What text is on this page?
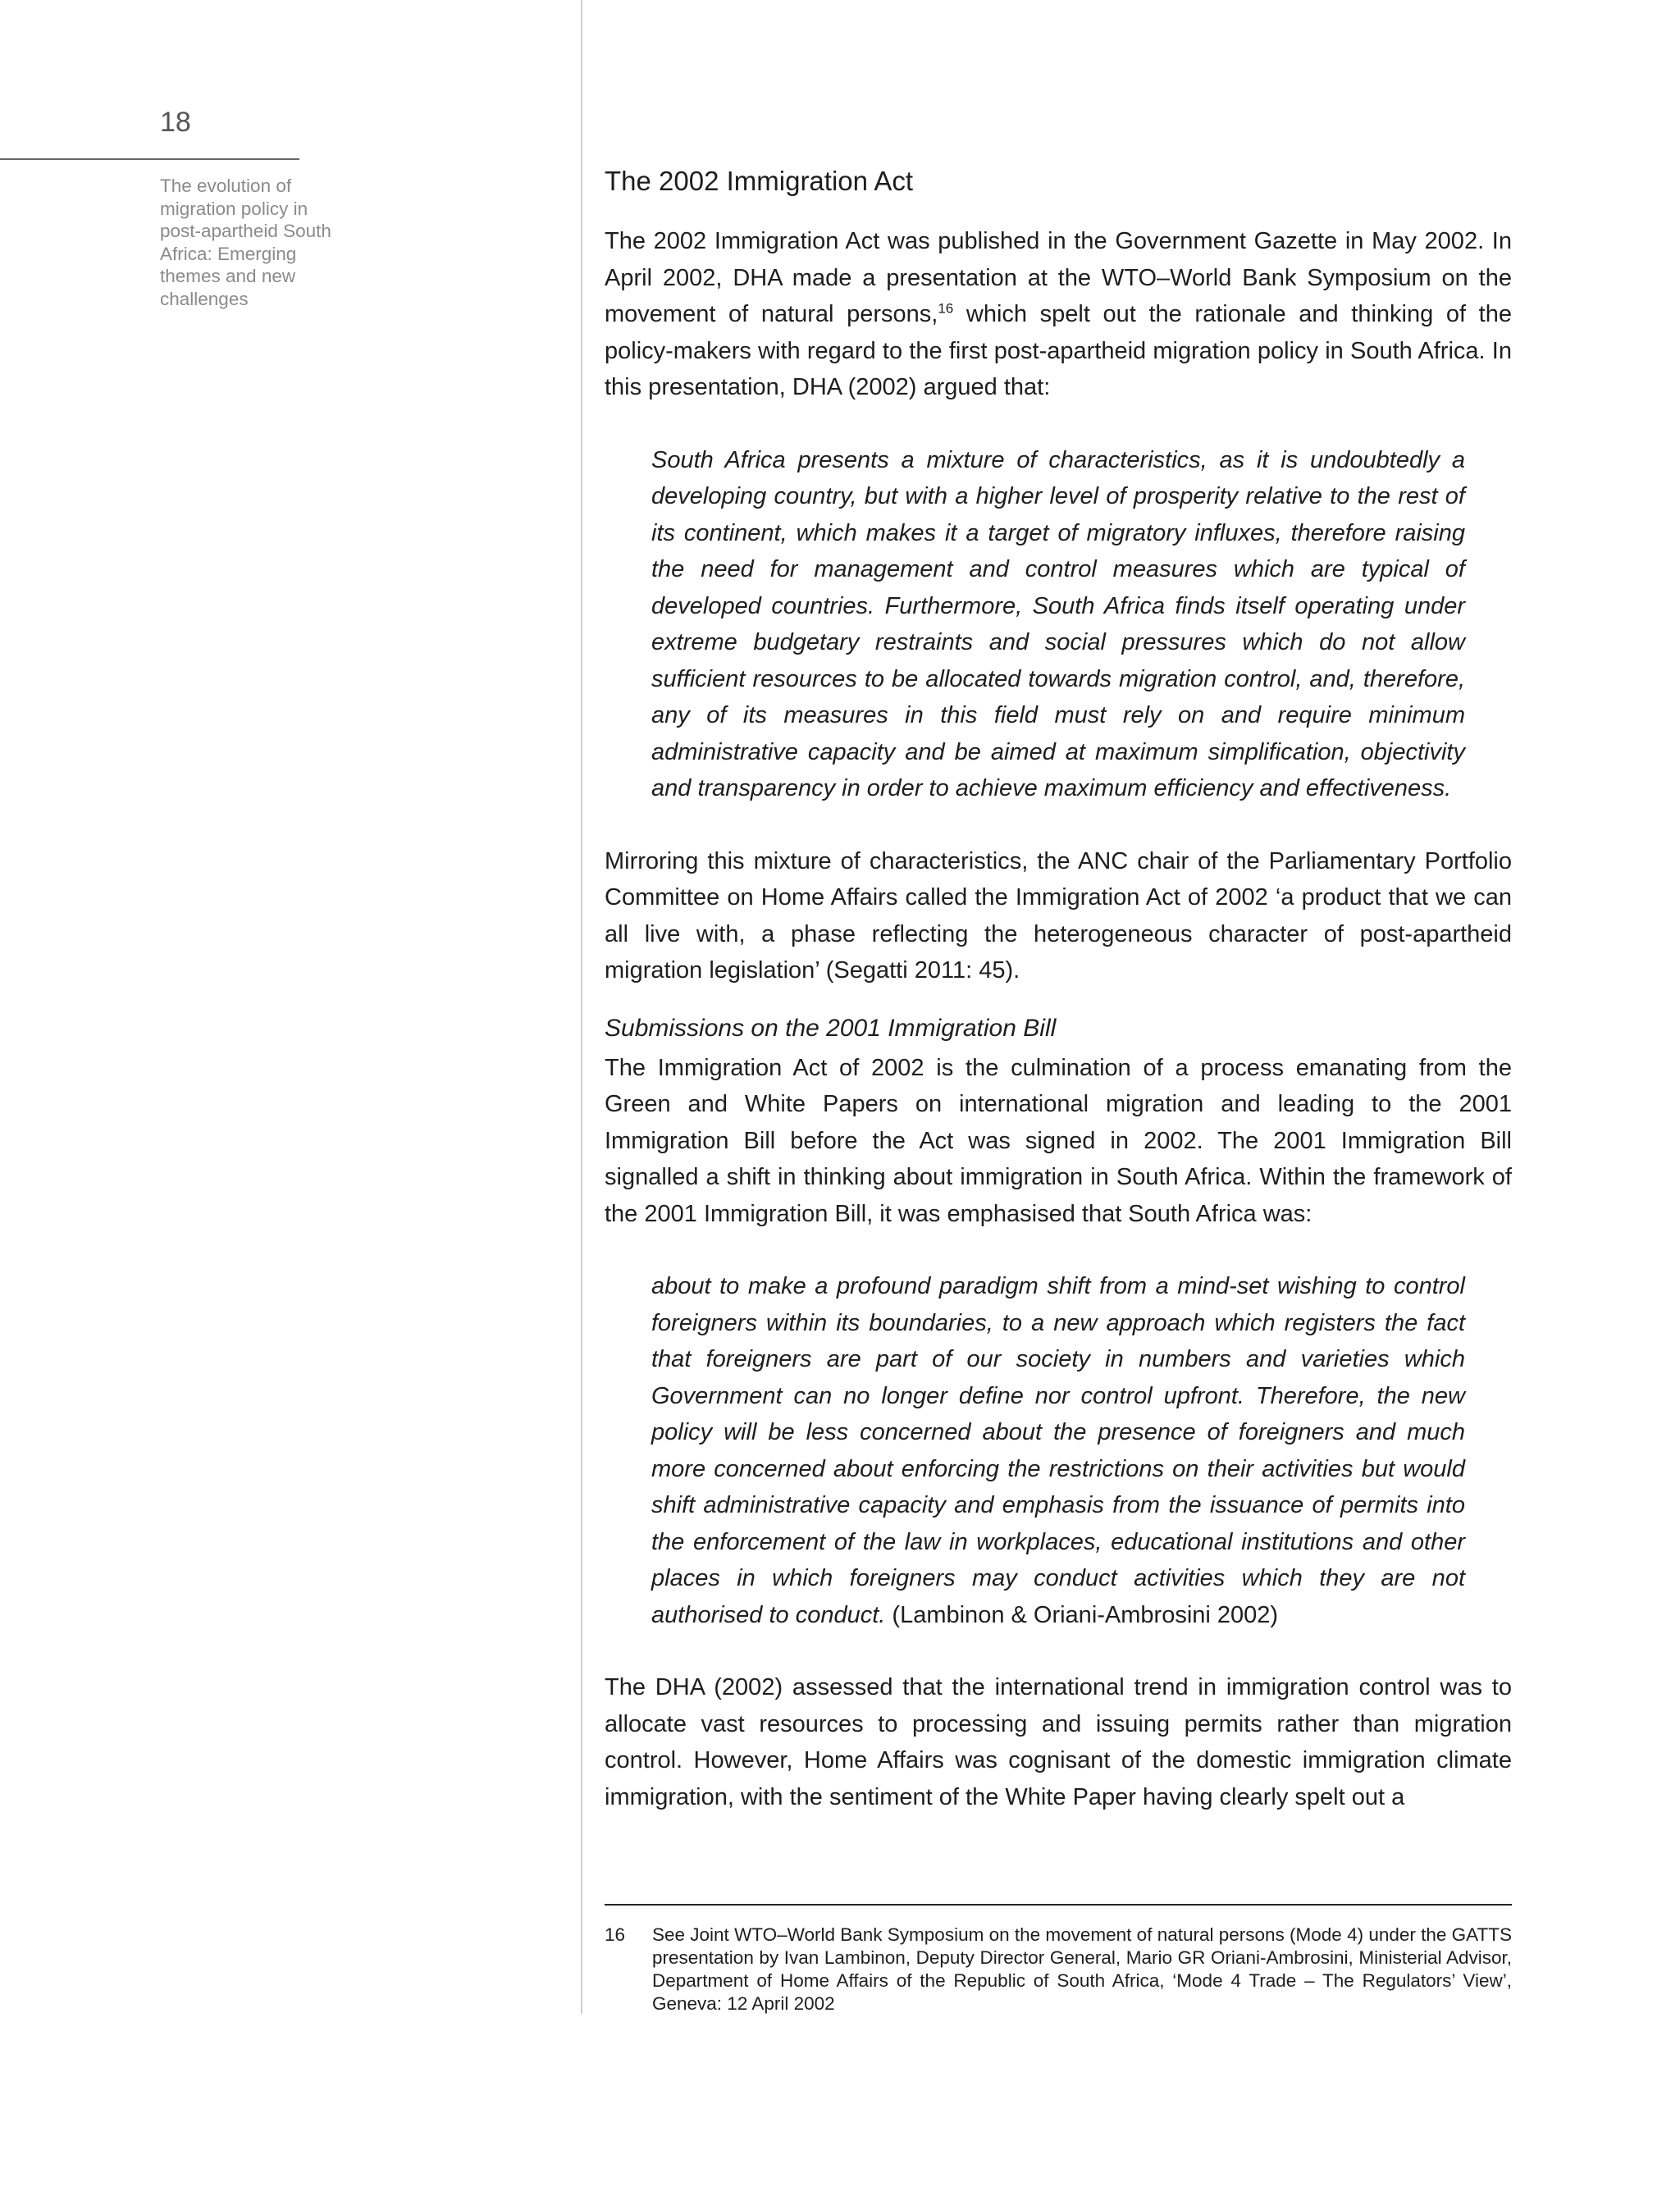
18
The evolution of migration policy in post-apartheid South Africa: Emerging themes and new challenges
The 2002 Immigration Act

The 2002 Immigration Act was published in the Government Gazette in May 2002. In April 2002, DHA made a presentation at the WTO–World Bank Symposium on the movement of natural persons,$^{16}$ which spelt out the rationale and thinking of the policy-makers with regard to the first post-apartheid migration policy in South Africa. In this presentation, DHA (2002) argued that:

South Africa presents a mixture of characteristics, as it is undoubtedly a developing country, but with a higher level of prosperity relative to the rest of its continent, which makes it a target of migratory influxes, therefore raising the need for management and control measures which are typical of developed countries. Furthermore, South Africa finds itself operating under extreme budgetary restraints and social pressures which do not allow sufficient resources to be allocated towards migration control, and, therefore, any of its measures in this field must rely on and require minimum administrative capacity and be aimed at maximum simplification, objectivity and transparency in order to achieve maximum efficiency and effectiveness.

Mirroring this mixture of characteristics, the ANC chair of the Parliamentary Portfolio Committee on Home Affairs called the Immigration Act of 2002 ‘a product that we can all live with, a phase reflecting the heterogeneous character of post-apartheid migration legislation’ (Segatti 2011: 45).

Submissions on the 2001 Immigration Bill

The Immigration Act of 2002 is the culmination of a process emanating from the Green and White Papers on international migration and leading to the 2001 Immigration Bill before the Act was signed in 2002. The 2001 Immigration Bill signalled a shift in thinking about immigration in South Africa. Within the framework of the 2001 Immigration Bill, it was emphasised that South Africa was:

about to make a profound paradigm shift from a mind-set wishing to control foreigners within its boundaries, to a new approach which registers the fact that foreigners are part of our society in numbers and varieties which Government can no longer define nor control upfront. Therefore, the new policy will be less concerned about the presence of foreigners and much more concerned about enforcing the restrictions on their activities but would shift administrative capacity and emphasis from the issuance of permits into the enforcement of the law in workplaces, educational institutions and other places in which foreigners may conduct activities which they are not authorised to conduct. (Lambinon & Oriani-Ambrosini 2002)

The DHA (2002) assessed that the international trend in immigration control was to allocate vast resources to processing and issuing permits rather than migration control. However, Home Affairs was cognisant of the domestic immigration climate immigration, with the sentiment of the White Paper having clearly spelt out a

16	See Joint WTO–World Bank Symposium on the movement of natural persons (Mode 4) under the GATTS presentation by Ivan Lambinon, Deputy Director General, Mario GR Oriani-Ambrosini, Ministerial Advisor, Department of Home Affairs of the Republic of South Africa, ‘Mode 4 Trade – The Regulators’ View’, Geneva: 12 April 2002
